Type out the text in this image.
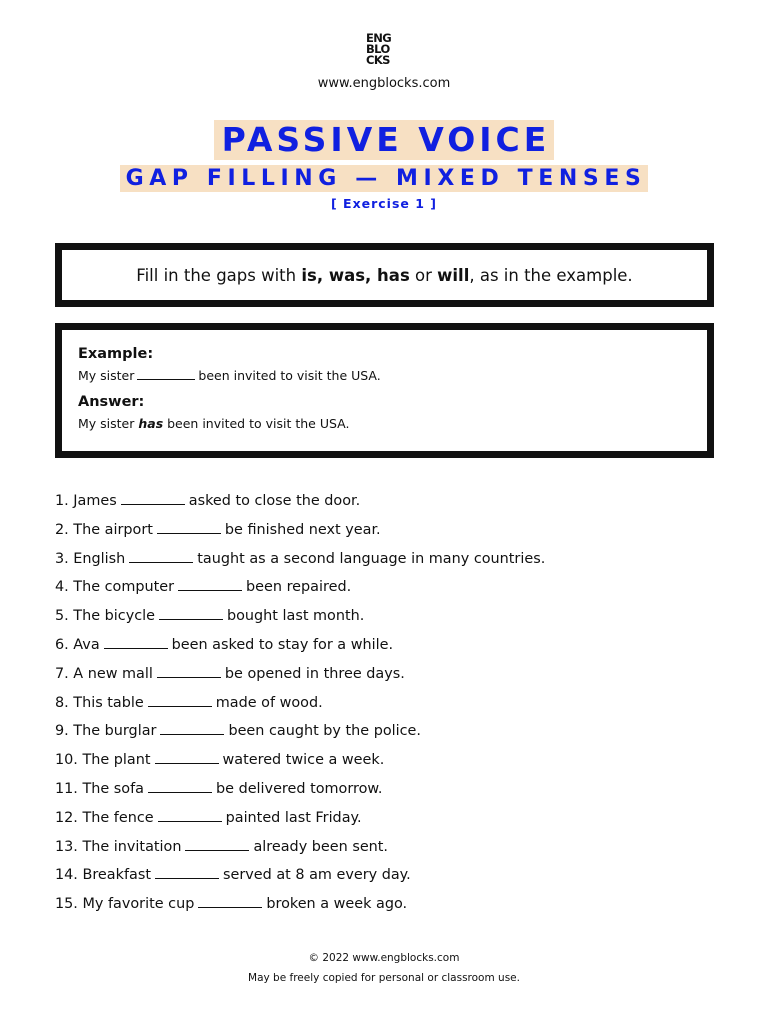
ENG
BLO
CKS
www.engblocks.com
PASSIVE VOICE
GAP FILLING — MIXED TENSES
[ Exercise 1 ]
Fill in the gaps with is, was, has or will, as in the example.
Example:
My sister	been invited to visit the USA.
Answer:
My sister has been invited to visit the USA.
1. James	asked to close the door.
2. The airport	be finished next year.
3. English	taught as a second language in many countries.
4. The computer	been repaired.
5. The bicycle	bought last month.
6. Ava	been asked to stay for a while.
7. A new mall	be opened in three days.
8. This table	made of wood.
9. The burglar	been caught by the police.
10. The plant	watered twice a week.
11. The sofa	be delivered tomorrow.
12. The fence	painted last Friday.
13. The invitation	already been sent.
14. Breakfast	served at 8 am every day.
15. My favorite cup	broken a week ago.
© 2022 www.engblocks.com
May be freely copied for personal or classroom use.
